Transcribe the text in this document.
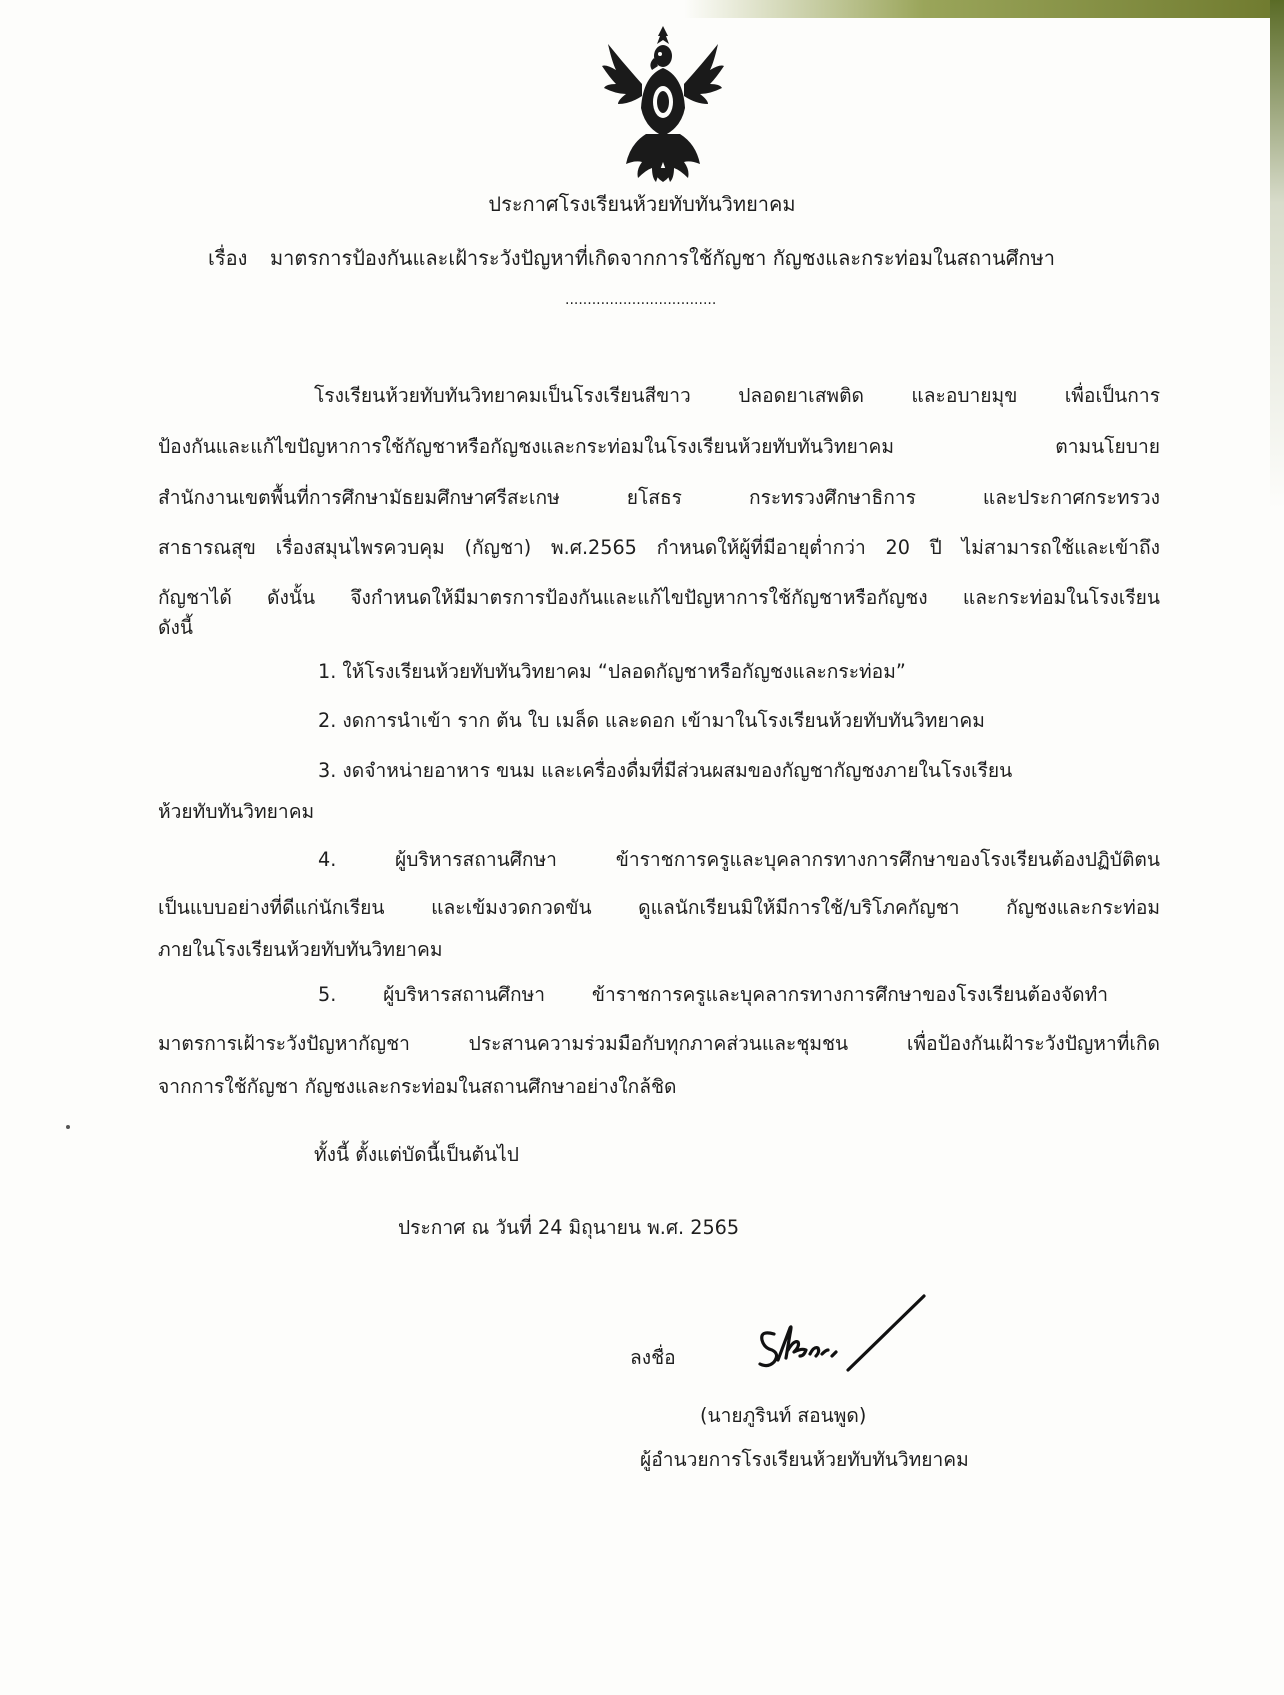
ประกาศโรงเรียนห้วยทับทันวิทยาคม
เรื่อง มาตรการป้องกันและเฝ้าระวังปัญหาที่เกิดจากการใช้กัญชา กัญชงและกระท่อมในสถานศึกษา
..................................
โรงเรียนห้วยทับทันวิทยาคมเป็นโรงเรียนสีขาว ปลอดยาเสพติด และอบายมุข เพื่อเป็นการ
ป้องกันและแก้ไขปัญหาการใช้กัญชาหรือกัญชงและกระท่อมในโรงเรียนห้วยทับทันวิทยาคม ตามนโยบาย
สำนักงานเขตพื้นที่การศึกษามัธยมศึกษาศรีสะเกษ ยโสธร กระทรวงศึกษาธิการ และประกาศกระทรวง
สาธารณสุข เรื่องสมุนไพรควบคุม (กัญชา) พ.ศ.2565 กำหนดให้ผู้ที่มีอายุต่ำกว่า 20 ปี ไม่สามารถใช้และเข้าถึง
กัญชาได้ ดังนั้น จึงกำหนดให้มีมาตรการป้องกันและแก้ไขปัญหาการใช้กัญชาหรือกัญชง และกระท่อมในโรงเรียน
ดังนี้
1. ให้โรงเรียนห้วยทับทันวิทยาคม “ปลอดกัญชาหรือกัญชงและกระท่อม”
2. งดการนำเข้า ราก ต้น ใบ เมล็ด และดอก เข้ามาในโรงเรียนห้วยทับทันวิทยาคม
3. งดจำหน่ายอาหาร ขนม และเครื่องดื่มที่มีส่วนผสมของกัญชากัญชงภายในโรงเรียน
ห้วยทับทันวิทยาคม
4. ผู้บริหารสถานศึกษา ข้าราชการครูและบุคลากรทางการศึกษาของโรงเรียนต้องปฏิบัติตน
เป็นแบบอย่างที่ดีแก่นักเรียน และเข้มงวดกวดขัน ดูแลนักเรียนมิให้มีการใช้/บริโภคกัญชา กัญชงและกระท่อม
ภายในโรงเรียนห้วยทับทันวิทยาคม
5. ผู้บริหารสถานศึกษา ข้าราชการครูและบุคลากรทางการศึกษาของโรงเรียนต้องจัดทำ
มาตรการเฝ้าระวังปัญหากัญชา ประสานความร่วมมือกับทุกภาคส่วนและชุมชน เพื่อป้องกันเฝ้าระวังปัญหาที่เกิด
จากการใช้กัญชา กัญชงและกระท่อมในสถานศึกษาอย่างใกล้ชิด
ทั้งนี้ ตั้งแต่บัดนี้เป็นต้นไป
ประกาศ ณ วันที่ 24 มิถุนายน พ.ศ. 2565
ลงชื่อ
(นายภูรินท์ สอนพูด)
ผู้อำนวยการโรงเรียนห้วยทับทันวิทยาคม
